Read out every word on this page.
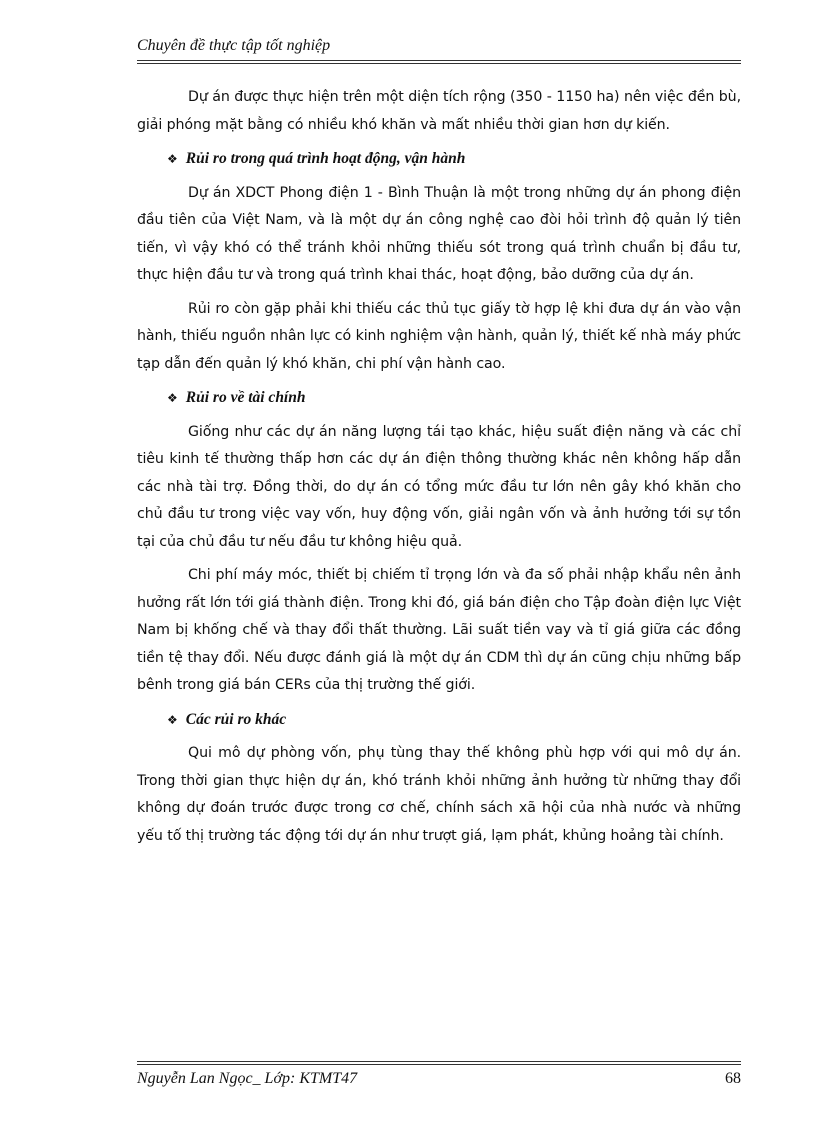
Chuyên đề thực tập tốt nghiệp

Dự án được thực hiện trên một diện tích rộng (350 - 1150 ha) nên việc đền bù, giải phóng mặt bằng có nhiều khó khăn và mất nhiều thời gian hơn dự kiến.

❖ Rủi ro trong quá trình hoạt động, vận hành

Dự án XDCT Phong điện 1 - Bình Thuận là một trong những dự án phong điện đầu tiên của Việt Nam, và là một dự án công nghệ cao đòi hỏi trình độ quản lý tiên tiến, vì vậy khó có thể tránh khỏi những thiếu sót trong quá trình chuẩn bị đầu tư, thực hiện đầu tư và trong quá trình khai thác, hoạt động, bảo dưỡng của dự án.

Rủi ro còn gặp phải khi thiếu các thủ tục giấy tờ hợp lệ khi đưa dự án vào vận hành, thiếu nguồn nhân lực có kinh nghiệm vận hành, quản lý, thiết kế nhà máy phức tạp dẫn đến quản lý khó khăn, chi phí vận hành cao.

❖ Rủi ro về tài chính

Giống như các dự án năng lượng tái tạo khác, hiệu suất điện năng và các chỉ tiêu kinh tế thường thấp hơn các dự án điện thông thường khác nên không hấp dẫn các nhà tài trợ. Đồng thời, do dự án có tổng mức đầu tư lớn nên gây khó khăn cho chủ đầu tư trong việc vay vốn, huy động vốn, giải ngân vốn và ảnh hưởng tới sự tồn tại của chủ đầu tư nếu đầu tư không hiệu quả.

Chi phí máy móc, thiết bị chiếm tỉ trọng lớn và đa số phải nhập khẩu nên ảnh hưởng rất lớn tới giá thành điện. Trong khi đó, giá bán điện cho Tập đoàn điện lực Việt Nam bị khống chế và thay đổi thất thường. Lãi suất tiền vay và tỉ giá giữa các đồng tiền tệ thay đổi. Nếu được đánh giá là một dự án CDM thì dự án cũng chịu những bấp bênh trong giá bán CERs của thị trường thế giới.

❖ Các rủi ro khác

Qui mô dự phòng vốn, phụ tùng thay thế không phù hợp với qui mô dự án. Trong thời gian thực hiện dự án, khó tránh khỏi những ảnh hưởng từ những thay đổi không dự đoán trước được trong cơ chế, chính sách xã hội của nhà nước và những yếu tố thị trường tác động tới dự án như trượt giá, lạm phát, khủng hoảng tài chính.

Nguyễn Lan Ngọc_ Lớp: KTMT47	68
